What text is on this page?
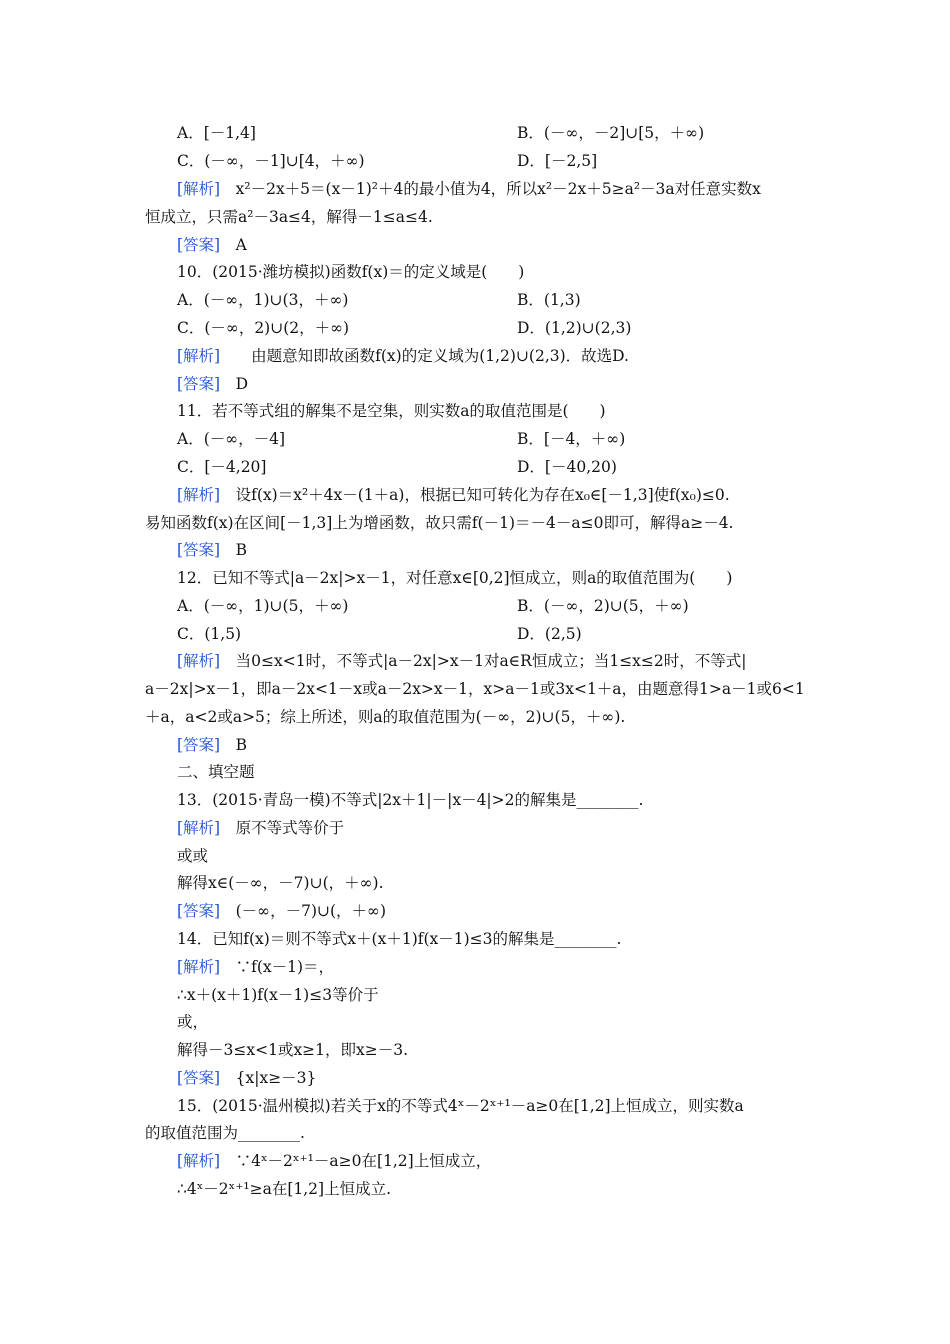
A．[－1,4]	B．(－∞，－2]∪[5，＋∞)
C．(－∞，－1]∪[4，＋∞)	D．[－2,5]
[解析]　 x²－2x＋5＝(x－1)²＋4的最小值为4，所以x²－2x＋5≥a²－3a对任意实数x
恒成立，只需a²－3a≤4，解得－1≤a≤4.
[答案]　 A
10．(2015·潍坊模拟)函数f(x)＝的定义域是(　　)
A．(－∞，1)∪(3，＋∞)	B．(1,3)
C．(－∞，2)∪(2，＋∞)	D．(1,2)∪(2,3)
[解析]　　 由题意知即故函数f(x)的定义域为(1,2)∪(2,3)．故选D.
[答案]　 D
11．若不等式组的解集不是空集，则实数a的取值范围是(　　)
A．(－∞，－4]	B．[－4，＋∞)
C．[－4,20]	D．[－40,20)
[解析]　 设f(x)＝x²＋4x－(1＋a)，根据已知可转化为存在x₀∈[－1,3]使f(x₀)≤0.
易知函数f(x)在区间[－1,3]上为增函数，故只需f(－1)＝－4－a≤0即可，解得a≥－4.
[答案]　 B
12．已知不等式|a－2x|>x－1，对任意x∈[0,2]恒成立，则a的取值范围为(　　)
A．(－∞，1)∪(5，＋∞)	B．(－∞，2)∪(5，＋∞)
C．(1,5)	D．(2,5)
[解析]　 当0≤x<1时，不等式|a－2x|>x－1对a∈R恒成立；当1≤x≤2时，不等式|
a－2x|>x－1，即a－2x<1－x或a－2x>x－1，x>a－1或3x<1＋a，由题意得1>a－1或6<1
＋a，a<2或a>5；综上所述，则a的取值范围为(－∞，2)∪(5，＋∞).
[答案]　 B
二、填空题
13．(2015·青岛一模)不等式|2x＋1|－|x－4|>2的解集是________.
[解析]　 原不等式等价于
或或
解得x∈(－∞，－7)∪(，＋∞).
[答案]　 (－∞，－7)∪(，＋∞)
14．已知f(x)＝则不等式x＋(x＋1)f(x－1)≤3的解集是________.
[解析]　 ∵f(x－1)＝，
∴x＋(x＋1)f(x－1)≤3等价于
或，
解得－3≤x<1或x≥1，即x≥－3.
[答案]　 {x|x≥－3}
15．(2015·温州模拟)若关于x的不等式4ˣ－2ˣ⁺¹－a≥0在[1,2]上恒成立，则实数a
的取值范围为________.
[解析]　 ∵4ˣ－2ˣ⁺¹－a≥0在[1,2]上恒成立，
∴4ˣ－2ˣ⁺¹≥a在[1,2]上恒成立.
